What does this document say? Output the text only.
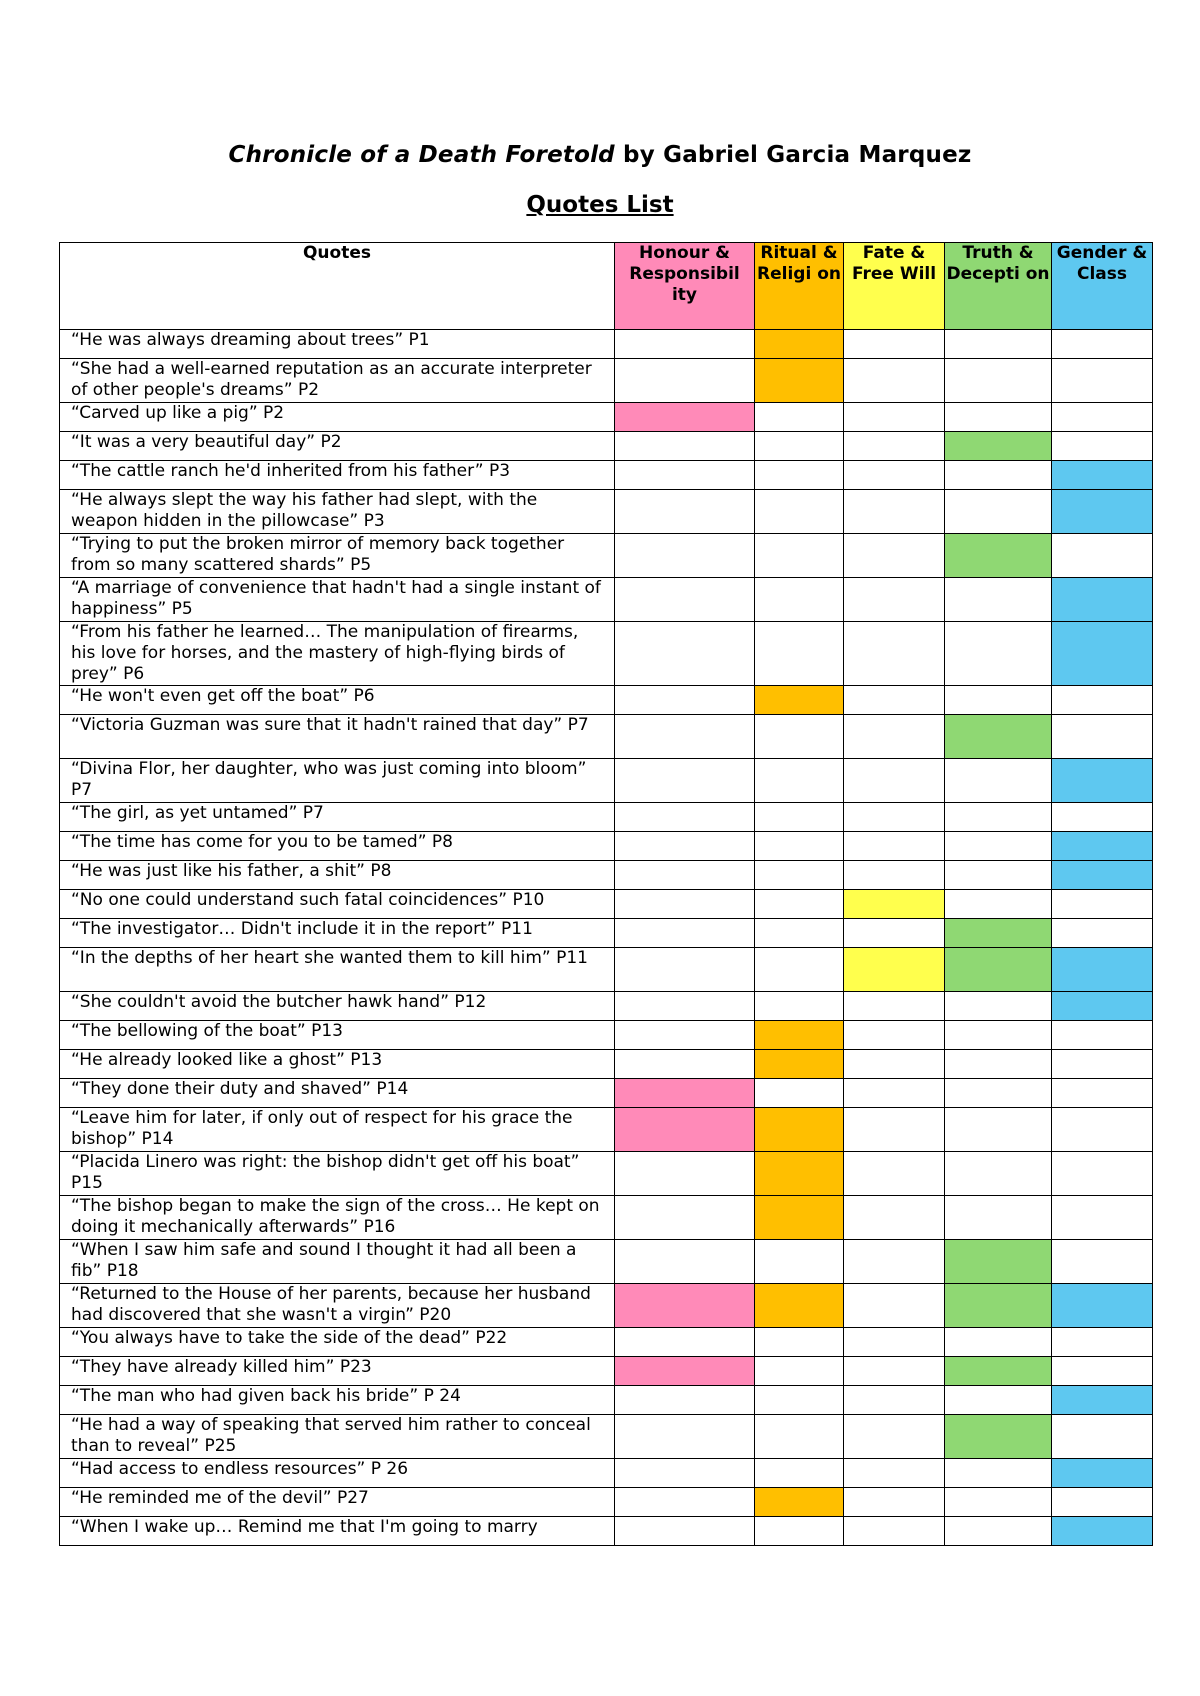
Chronicle of a Death Foretold by Gabriel Garcia Marquez
Quotes List
Quotes	Honour & Responsibil ity	Ritual & Religi on	Fate & Free Will	Truth & Decepti on	Gender & Class
“He was always dreaming about trees” P1					
“She had a well-earned reputation as an accurate interpreter of other people's dreams” P2					
“Carved up like a pig” P2					
“It was a very beautiful day” P2					
“The cattle ranch he'd inherited from his father” P3					
“He always slept the way his father had slept, with the weapon hidden in the pillowcase” P3					
“Trying to put the broken mirror of memory back together from so many scattered shards” P5					
“A marriage of convenience that hadn't had a single instant of happiness” P5					
“From his father he learned… The manipulation of firearms, his love for horses, and the mastery of high-flying birds of prey” P6					
“He won't even get off the boat” P6					
“Victoria Guzman was sure that it hadn't rained that day” P7					
“Divina Flor, her daughter, who was just coming into bloom” P7					
“The girl, as yet untamed” P7					
“The time has come for you to be tamed” P8					
“He was just like his father, a shit” P8					
“No one could understand such fatal coincidences” P10					
“The investigator… Didn't include it in the report” P11					
“In the depths of her heart she wanted them to kill him” P11					
“She couldn't avoid the butcher hawk hand” P12					
“The bellowing of the boat” P13					
“He already looked like a ghost” P13					
“They done their duty and shaved” P14					
“Leave him for later, if only out of respect for his grace the bishop” P14					
“Placida Linero was right: the bishop didn't get off his boat” P15					
“The bishop began to make the sign of the cross… He kept on doing it mechanically afterwards” P16					
“When I saw him safe and sound I thought it had all been a fib” P18					
“Returned to the House of her parents, because her husband had discovered that she wasn't a virgin” P20					
“You always have to take the side of the dead” P22					
“They have already killed him” P23					
“The man who had given back his bride” P 24					
“He had a way of speaking that served him rather to conceal than to reveal” P25					
“Had access to endless resources” P 26					
“He reminded me of the devil” P27					
“When I wake up… Remind me that I'm going to marry					
